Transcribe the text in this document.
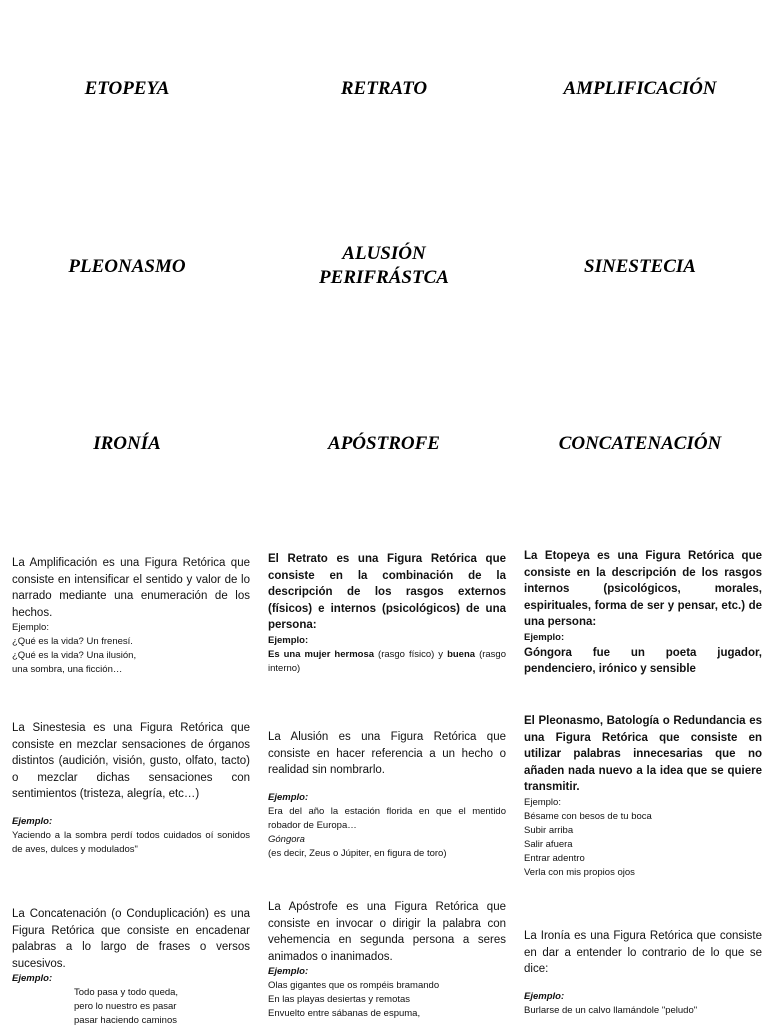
ETOPEYA	RETRATO	AMPLIFICACIÓN
PLEONASMO
ALUSIÓN
PERIFRÁSTCA
SINESTECIA
IRONÍA	APÓSTROFE	CONCATENACIÓN

La Amplificación es una Figura Retórica que consiste en intensificar el sentido y valor de lo narrado mediante una enumeración de los hechos.

Ejemplo:

¿Qué es la vida? Un frenesí.

¿Qué es la vida? Una ilusión,

una sombra, una ficción…

El Retrato es una Figura Retórica que consiste en la combinación de la descripción de los rasgos externos (físicos) e internos (psicológicos) de una persona:

Ejemplo:

Es una mujer hermosa (rasgo físico) y buena (rasgo interno)

La Etopeya es una Figura Retórica que consiste en la descripción de los rasgos internos (psicológicos, morales, espirituales, forma de ser y pensar, etc.) de una persona:

Ejemplo:

Góngora fue un poeta jugador, pendenciero, irónico y sensible

La Sinestesia es una Figura Retórica que consiste en mezclar sensaciones de órganos distintos (audición, visión, gusto, olfato, tacto) o mezclar dichas sensaciones con sentimientos (tristeza, alegría, etc…)

Ejemplo:

Yaciendo a la sombra perdí todos cuidados oí sonidos de aves, dulces y modulados"

La Alusión es una Figura Retórica que consiste en hacer referencia a un hecho o realidad sin nombrarlo.

Ejemplo:

Era del año la estación florida en que el mentido robador de Europa…

Góngora

(es decir, Zeus o Júpiter, en figura de toro)

El Pleonasmo, Batología o Redundancia es una Figura Retórica que consiste en utilizar palabras innecesarias que no añaden nada nuevo a la idea que se quiere transmitir.

Ejemplo:

Bésame con besos de tu boca

Subir arriba

Salir afuera

Entrar adentro

Verla con mis propios ojos

La Concatenación (o Conduplicación) es una Figura Retórica que consiste en encadenar palabras a lo largo de frases o versos sucesivos.

Ejemplo:

Todo pasa y todo queda,

pero lo nuestro es pasar

pasar haciendo caminos

La Apóstrofe es una Figura Retórica que consiste en invocar o dirigir la palabra con vehemencia en segunda persona a seres animados o inanimados.

Ejemplo:

Olas gigantes que os rompéis bramando

En las playas desiertas y remotas

Envuelto entre sábanas de espuma,

La Ironía es una Figura Retórica que consiste en dar a entender lo contrario de lo que se dice:

Ejemplo:

Burlarse de un calvo llamándole "peludo"
